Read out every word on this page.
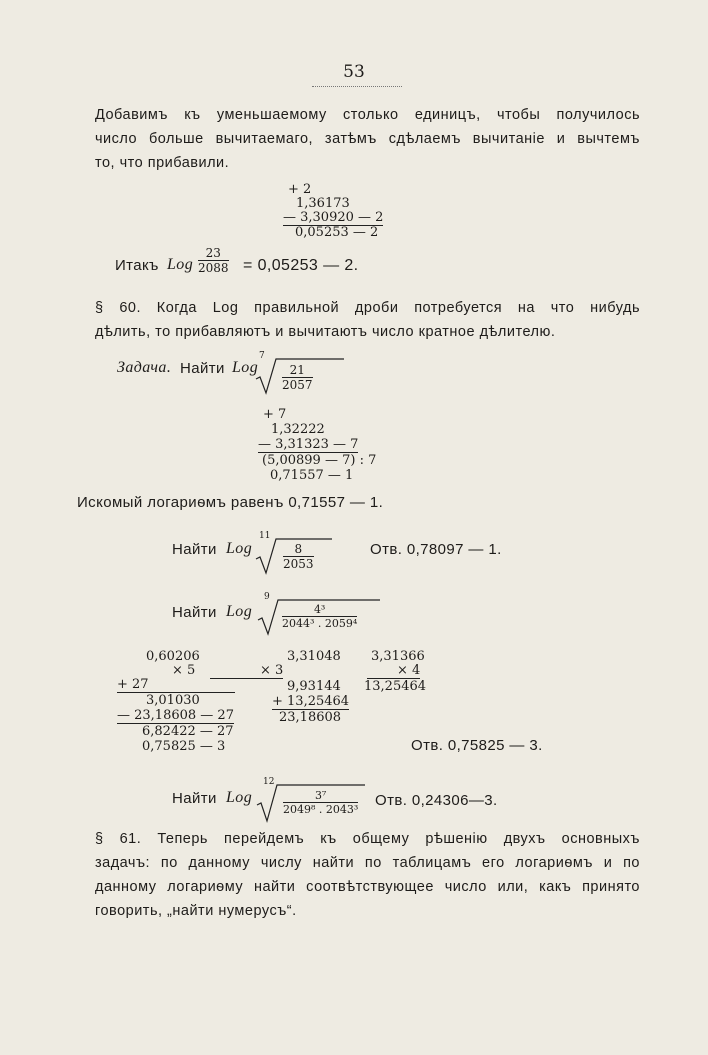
53
Добавимъ къ уменьшаемому столько единицъ, чтобы получилось
число больше вычитаемаго, затѣмъ сдѣлаемъ вычитаніе и вычтемъ
то, что прибавили.
+ 2
1,36173
— 3,30920 — 2
0,05253 — 2
Итакъ Log $\frac{23}{2088} = 0,05253$ — 2.
§ 60. Когда Log правильной дроби потребуется на что нибудь
дѣлить, то прибавляютъ и вычитаютъ число кратное дѣлителю.
Задача. Найти Log
7
$\frac{21}{2057}$
+ 7
1,32222
— 3,31323 — 7
(5,00899 — 7) : 7
0,71557 — 1
Искомый логариѳмъ равенъ 0,71557 — 1.
Найти Log
11
$\frac{8}{2053}$	Отв. 0,78097 — 1.
Найти Log
9
$\frac{\text{4³}}{\text{2044³ . 2059⁴}}$
0,60206
× 5
+ 27
3,01030
— 23,18608 — 27
6,82422 — 27
0,75825 — 3
3,31048
× 3
9,93144
+ 13,25464
23,18608
3,31366
× 4
13,25464
Отв. 0,75825 — 3.
Найти Log
12
$\frac{\text{3⁷}}{\text{2049⁸ . 2043³}}$ Отв. 0,24306—3.
§ 61. Теперь перейдемъ къ общему рѣшенію двухъ основныхъ
задачъ: по данному числу найти по таблицамъ его логариѳмъ и по
данному логариѳму найти соотвѣтствующее число или, какъ принято
говорить, „найти нумерусъ“.
